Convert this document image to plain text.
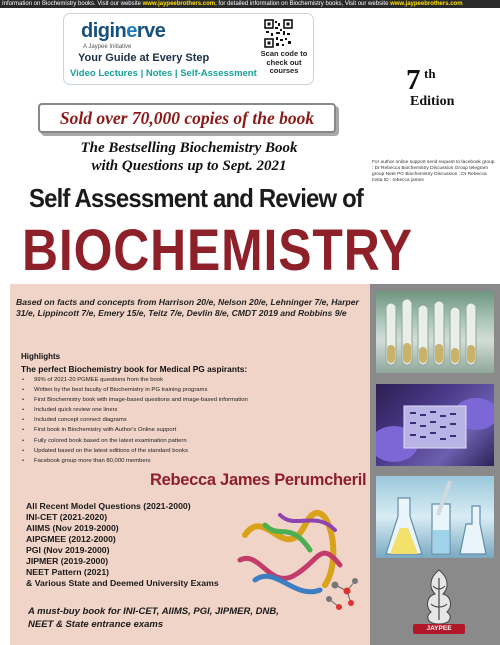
Information on Biochemistry books. Visit our website www.jaypeebrothers.com, for detailed information on Biochemistry books, Visit our website www.jaypeebrothers.com
diginerve
A Jaypee Initiative
Your Guide at Every Step
Video Lectures | Notes | Self-Assessment
Scan code to check out courses	7 th
Edition
Sold over 70,000 copies of the book
The Bestselling Biochemistry Book
with Questions up to Sept. 2021	For author online support send request to facebook group : Dr Rebecca Biochemistry Discussion Group telegram group Neet PG Biochemistry Discussion : Dr Rebecca Insta ID : rebecca james
Self Assessment and Review of
BIOCHEMISTRY
Based on facts and concepts from Harrison 20/e, Nelson 20/e, Lehninger 7/e, Harper 31/e, Lippincott 7/e, Emery 15/e, Teitz 7/e, Devlin 8/e, CMDT 2019 and Robbins 9/e
Highlights
The perfect Biochemistry book for Medical PG aspirants:
• 99% of 2021-20 PGMEE questions from the book
• Written by the best faculty of Biochemistry in PG training programs
• First Biochemistry book with image-based questions and image-based information
• Included quick review one liners
• Included concept connect diagrams
• First book in Biochemistry with Author's Online support
• Fully colored book based on the latest examination pattern
• Updated based on the latest editions of the standard books
• Facebook group more than 80,000 members
Rebecca James Perumcheril
All Recent Model Questions (2021-2000)
INI-CET (2021-2020)
AIIMS (Nov 2019-2000)
AIPGMEE (2012-2000)
PGI (Nov 2019-2000)
JIPMER (2019-2000)
NEET Pattern (2021)
& Various State and Deemed University Exams
A must-buy book for INI-CET, AIIMS, PGI, JIPMER, DNB,
NEET & State entrance exams	JAYPEE
